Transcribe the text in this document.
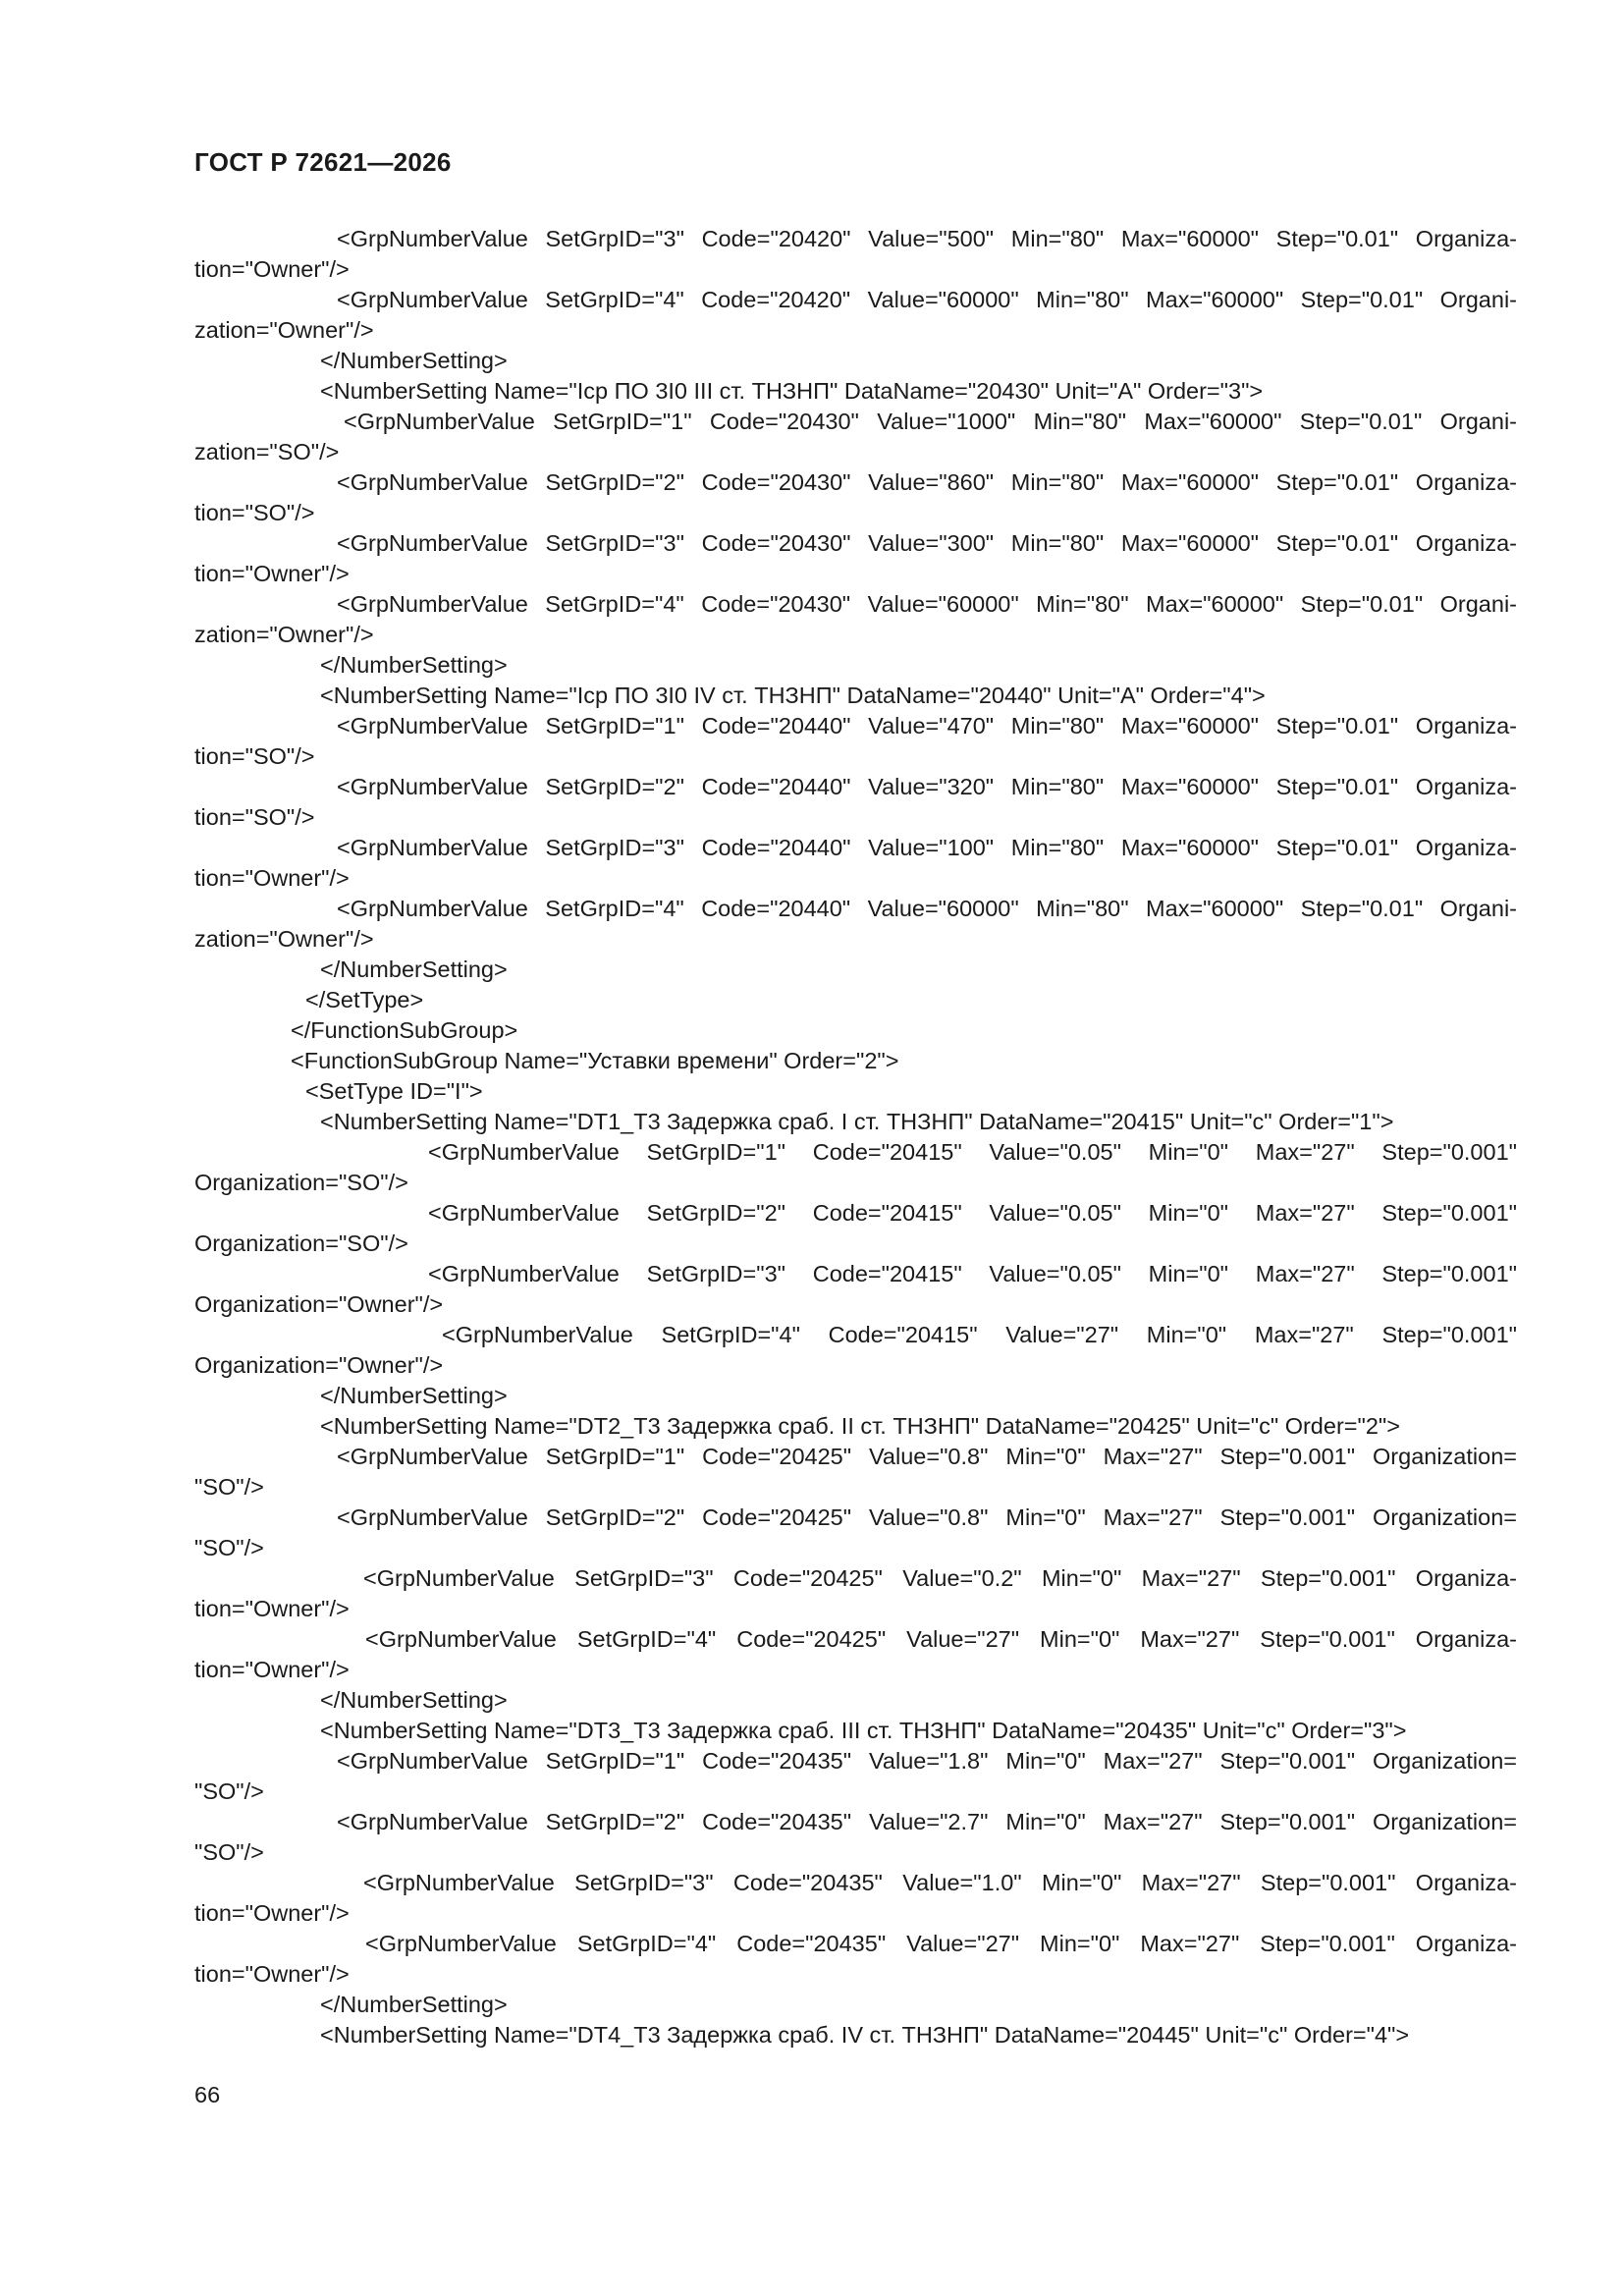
ГОСТ Р 72621—2026
<GrpNumberValue SetGrpID="3" Code="20420" Value="500" Min="80" Max="60000" Step="0.01" Organiza-
tion="Owner"/>
<GrpNumberValue SetGrpID="4" Code="20420" Value="60000" Min="80" Max="60000" Step="0.01" Organi-
zation="Owner"/>
</NumberSetting>
<NumberSetting Name="Icp ПО 3I0 III ст. ТНЗНП" DataName="20430" Unit="A" Order="3">
<GrpNumberValue SetGrpID="1" Code="20430" Value="1000" Min="80" Max="60000" Step="0.01" Organi-
zation="SO"/>
<GrpNumberValue SetGrpID="2" Code="20430" Value="860" Min="80" Max="60000" Step="0.01" Organiza-
tion="SO"/>
<GrpNumberValue SetGrpID="3" Code="20430" Value="300" Min="80" Max="60000" Step="0.01" Organiza-
tion="Owner"/>
<GrpNumberValue SetGrpID="4" Code="20430" Value="60000" Min="80" Max="60000" Step="0.01" Organi-
zation="Owner"/>
</NumberSetting>
<NumberSetting Name="Icp ПО 3I0 IV ст. ТНЗНП" DataName="20440" Unit="A" Order="4">
<GrpNumberValue SetGrpID="1" Code="20440" Value="470" Min="80" Max="60000" Step="0.01" Organiza-
tion="SO"/>
<GrpNumberValue SetGrpID="2" Code="20440" Value="320" Min="80" Max="60000" Step="0.01" Organiza-
tion="SO"/>
<GrpNumberValue SetGrpID="3" Code="20440" Value="100" Min="80" Max="60000" Step="0.01" Organiza-
tion="Owner"/>
<GrpNumberValue SetGrpID="4" Code="20440" Value="60000" Min="80" Max="60000" Step="0.01" Organi-
zation="Owner"/>
</NumberSetting>
</SetType>
</FunctionSubGroup>
<FunctionSubGroup Name="Уставки времени" Order="2">
<SetType ID="I">
<NumberSetting Name="DT1_T3 Задержка сраб. I ст. ТНЗНП" DataName="20415" Unit="c" Order="1">
<GrpNumberValue SetGrpID="1" Code="20415" Value="0.05" Min="0" Max="27" Step="0.001"
Organization="SO"/>
<GrpNumberValue SetGrpID="2" Code="20415" Value="0.05" Min="0" Max="27" Step="0.001"
Organization="SO"/>
<GrpNumberValue SetGrpID="3" Code="20415" Value="0.05" Min="0" Max="27" Step="0.001"
Organization="Owner"/>
<GrpNumberValue SetGrpID="4" Code="20415" Value="27" Min="0" Max="27" Step="0.001"
Organization="Owner"/>
</NumberSetting>
<NumberSetting Name="DT2_T3 Задержка сраб. II ст. ТНЗНП" DataName="20425" Unit="c" Order="2">
<GrpNumberValue SetGrpID="1" Code="20425" Value="0.8" Min="0" Max="27" Step="0.001" Organization=
"SO"/>
<GrpNumberValue SetGrpID="2" Code="20425" Value="0.8" Min="0" Max="27" Step="0.001" Organization=
"SO"/>
<GrpNumberValue SetGrpID="3" Code="20425" Value="0.2" Min="0" Max="27" Step="0.001" Organiza-
tion="Owner"/>
<GrpNumberValue SetGrpID="4" Code="20425" Value="27" Min="0" Max="27" Step="0.001" Organiza-
tion="Owner"/>
</NumberSetting>
<NumberSetting Name="DT3_T3 Задержка сраб. III ст. ТНЗНП" DataName="20435" Unit="c" Order="3">
<GrpNumberValue SetGrpID="1" Code="20435" Value="1.8" Min="0" Max="27" Step="0.001" Organization=
"SO"/>
<GrpNumberValue SetGrpID="2" Code="20435" Value="2.7" Min="0" Max="27" Step="0.001" Organization=
"SO"/>
<GrpNumberValue SetGrpID="3" Code="20435" Value="1.0" Min="0" Max="27" Step="0.001" Organiza-
tion="Owner"/>
<GrpNumberValue SetGrpID="4" Code="20435" Value="27" Min="0" Max="27" Step="0.001" Organiza-
tion="Owner"/>
</NumberSetting>
<NumberSetting Name="DT4_T3 Задержка сраб. IV ст. ТНЗНП" DataName="20445" Unit="c" Order="4">
66
